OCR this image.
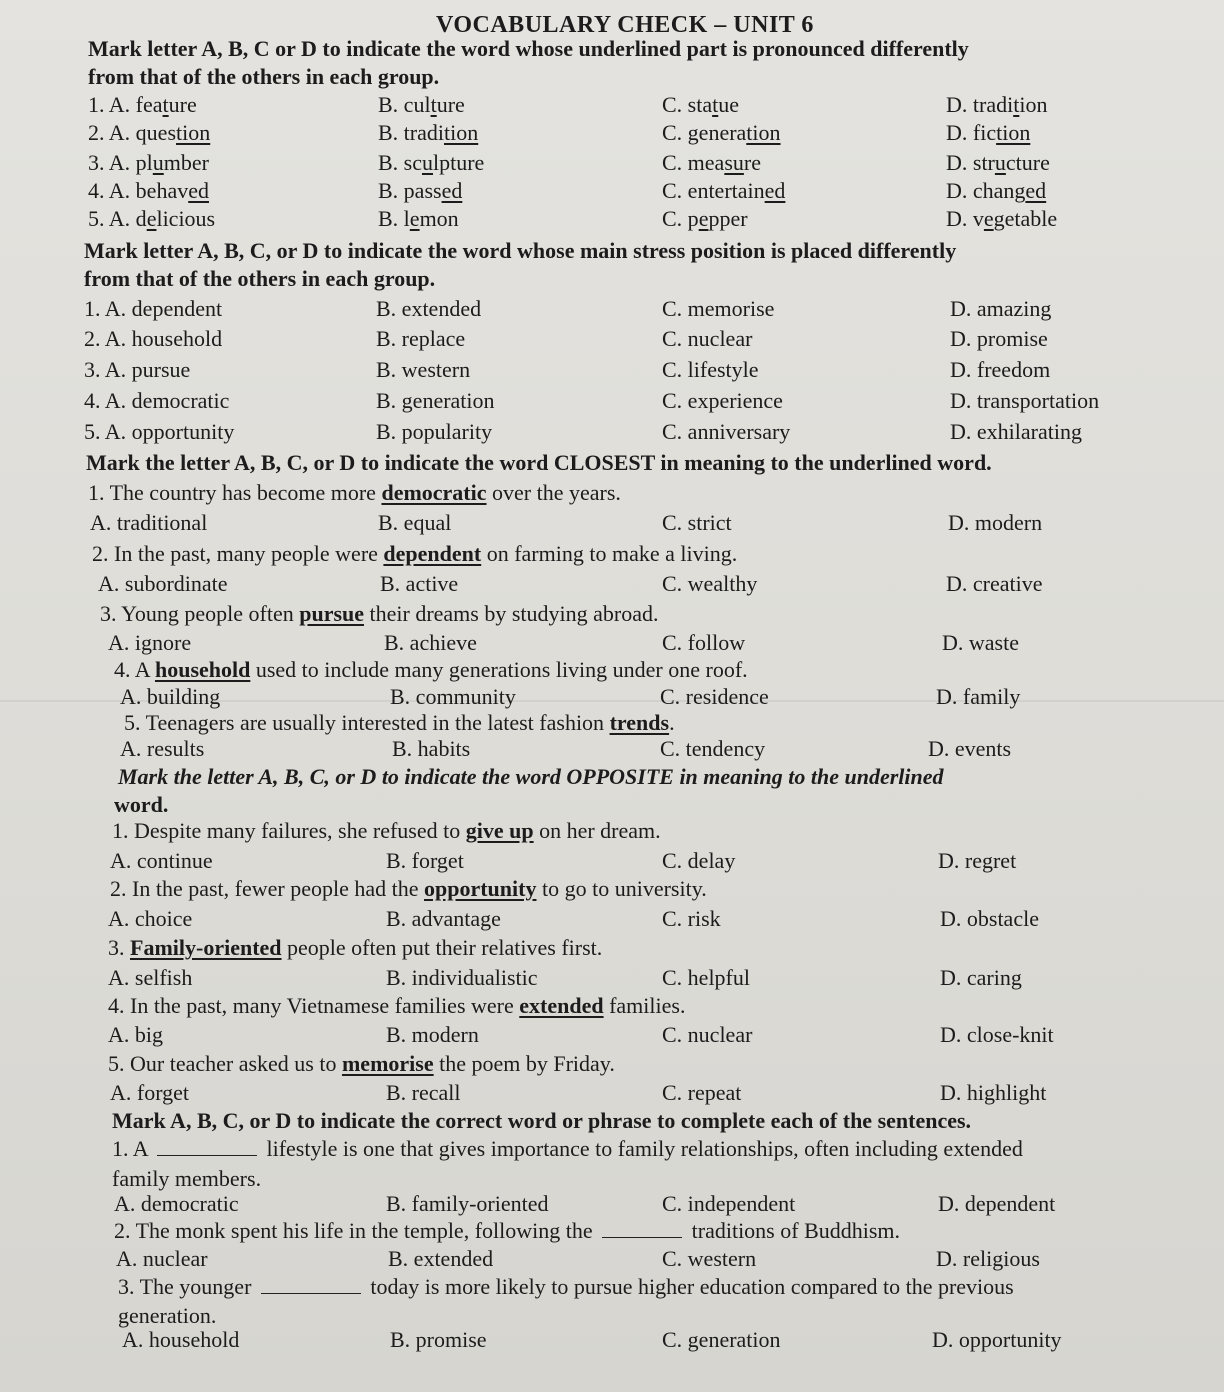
VOCABULARY CHECK – UNIT 6
Mark letter A, B, C or D to indicate the word whose underlined part is pronounced differently
from that of the others in each group.
1. A. feature	B. culture	C. statue	D. tradition
2. A. question	B. tradition	C. generation	D. fiction
3. A. plumber	B. sculpture	C. measure	D. structure
4. A. behaved	B. passed	C. entertained	D. changed
5. A. delicious	B. lemon	C. pepper	D. vegetable
Mark letter A, B, C, or D to indicate the word whose main stress position is placed differently
from that of the others in each group.
1. A. dependent	B. extended	C. memorise	D. amazing
2. A. household	B. replace	C. nuclear	D. promise
3. A. pursue	B. western	C. lifestyle	D. freedom
4. A. democratic	B. generation	C. experience	D. transportation
5. A. opportunity	B. popularity	C. anniversary	D. exhilarating
Mark the letter A, B, C, or D to indicate the word CLOSEST in meaning to the underlined word.
1. The country has become more democratic over the years.
A. traditional	B. equal	C. strict	D. modern
2. In the past, many people were dependent on farming to make a living.
A. subordinate	B. active	C. wealthy	D. creative
3. Young people often pursue their dreams by studying abroad.
A. ignore	B. achieve	C. follow	D. waste
4. A household used to include many generations living under one roof.
A. building	B. community	C. residence	D. family
5. Teenagers are usually interested in the latest fashion trends.
A. results	B. habits	C. tendency	D. events
Mark the letter A, B, C, or D to indicate the word OPPOSITE in meaning to the underlined
word.
1. Despite many failures, she refused to give up on her dream.
A. continue	B. forget	C. delay	D. regret
2. In the past, fewer people had the opportunity to go to university.
A. choice	B. advantage	C. risk	D. obstacle
3. Family-oriented people often put their relatives first.
A. selfish	B. individualistic	C. helpful	D. caring
4. In the past, many Vietnamese families were extended families.
A. big	B. modern	C. nuclear	D. close-knit
5. Our teacher asked us to memorise the poem by Friday.
A. forget	B. recall	C. repeat	D. highlight
Mark A, B, C, or D to indicate the correct word or phrase to complete each of the sentences.
1. A	lifestyle is one that gives importance to family relationships, often including extended
family members.
A. democratic	B. family-oriented	C. independent	D. dependent
2. The monk spent his life in the temple, following the	traditions of Buddhism.
A. nuclear	B. extended	C. western	D. religious
3. The younger	today is more likely to pursue higher education compared to the previous
generation.
A. household	B. promise	C. generation	D. opportunity
